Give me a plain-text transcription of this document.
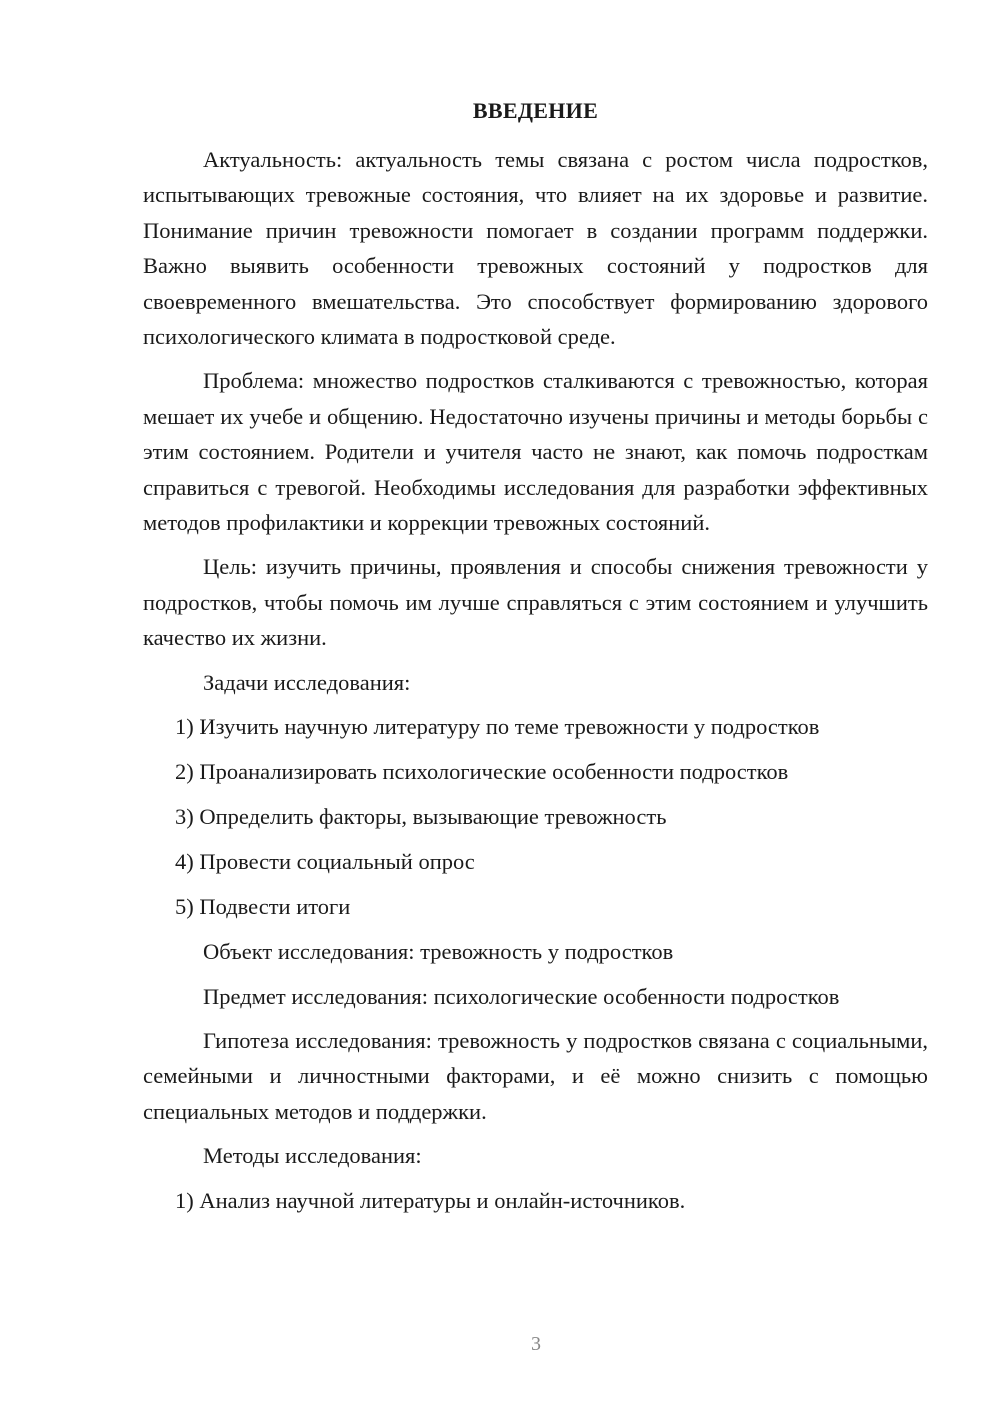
ВВЕДЕНИЕ

Актуальность: актуальность темы связана с ростом числа подростков, испытывающих тревожные состояния, что влияет на их здоровье и развитие. Понимание причин тревожности помогает в создании программ поддержки. Важно выявить особенности тревожных состояний у подростков для своевременного вмешательства. Это способствует формированию здорового психологического климата в подростковой среде.

Проблема: множество подростков сталкиваются с тревожностью, которая мешает их учебе и общению. Недостаточно изучены причины и методы борьбы с этим состоянием. Родители и учителя часто не знают, как помочь подросткам справиться с тревогой. Необходимы исследования для разработки эффективных методов профилактики и коррекции тревожных состояний.

Цель: изучить причины, проявления и способы снижения тревожности у подростков, чтобы помочь им лучше справляться с этим состоянием и улучшить качество их жизни.

Задачи исследования:

1) Изучить научную литературу по теме тревожности у подростков

2) Проанализировать психологические особенности подростков

3) Определить факторы, вызывающие тревожность

4) Провести социальный опрос

5) Подвести итоги

Объект исследования: тревожность у подростков

Предмет исследования: психологические особенности подростков

Гипотеза исследования: тревожность у подростков связана с социальными, семейными и личностными факторами, и её можно снизить с помощью специальных методов и поддержки.

Методы исследования:

1) Анализ научной литературы и онлайн-источников.

3
